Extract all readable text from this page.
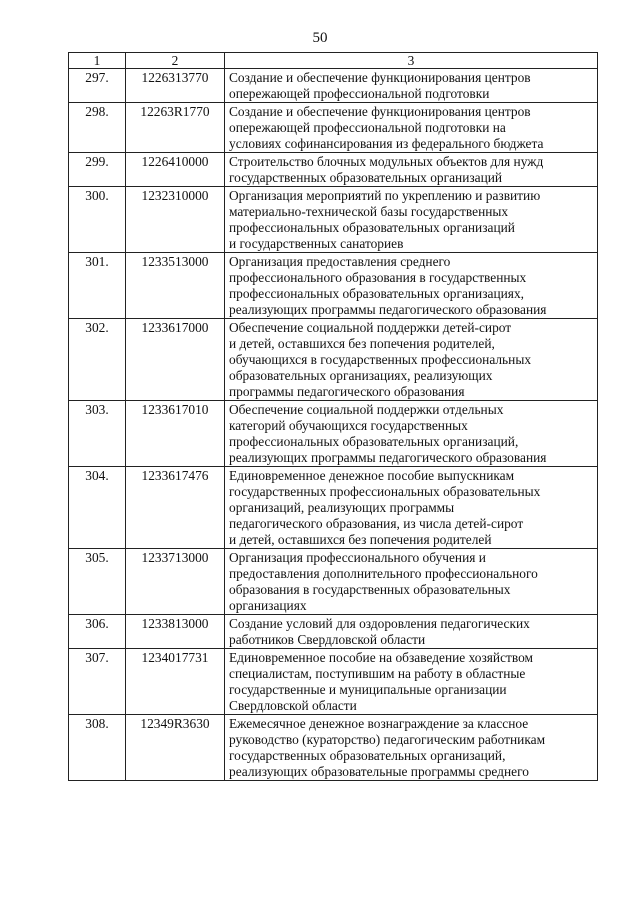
50
1	2	3
297.	1226313770	Создание и обеспечение функционирования центров
опережающей профессиональной подготовки
298.	12263R1770	Создание и обеспечение функционирования центров
опережающей профессиональной подготовки на
условиях софинансирования из федерального бюджета
299.	1226410000	Строительство блочных модульных объектов для нужд
государственных образовательных организаций
300.	1232310000	Организация мероприятий по укреплению и развитию
материально-технической базы государственных
профессиональных образовательных организаций
и государственных санаториев
301.	1233513000	Организация предоставления среднего
профессионального образования в государственных
профессиональных образовательных организациях,
реализующих программы педагогического образования
302.	1233617000	Обеспечение социальной поддержки детей-сирот
и детей, оставшихся без попечения родителей,
обучающихся в государственных профессиональных
образовательных организациях, реализующих
программы педагогического образования
303.	1233617010	Обеспечение социальной поддержки отдельных
категорий обучающихся государственных
профессиональных образовательных организаций,
реализующих программы педагогического образования
304.	1233617476	Единовременное денежное пособие выпускникам
государственных профессиональных образовательных
организаций, реализующих программы
педагогического образования, из числа детей-сирот
и детей, оставшихся без попечения родителей
305.	1233713000	Организация профессионального обучения и
предоставления дополнительного профессионального
образования в государственных образовательных
организациях
306.	1233813000	Создание условий для оздоровления педагогических
работников Свердловской области
307.	1234017731	Единовременное пособие на обзаведение хозяйством
специалистам, поступившим на работу в областные
государственные и муниципальные организации
Свердловской области
308.	12349R3630	Ежемесячное денежное вознаграждение за классное
руководство (кураторство) педагогическим работникам
государственных образовательных организаций,
реализующих образовательные программы среднего
